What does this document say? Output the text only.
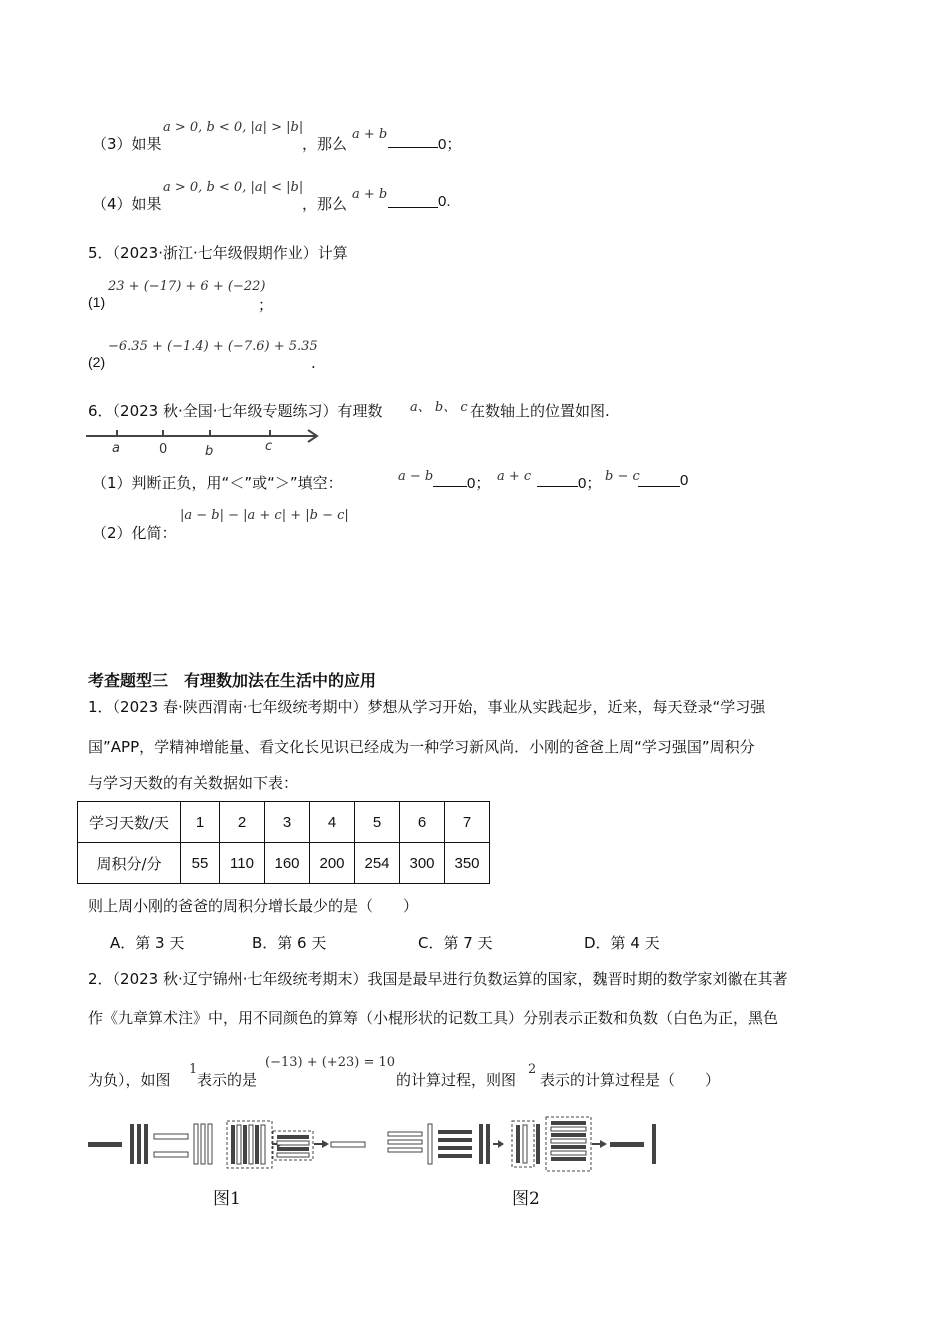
（3）如果
a > 0, b < 0, |a| > |b|
，那么
a + b
0；
（4）如果
a > 0, b < 0, |a| < |b|
，那么
a + b	0.
5．（2023·浙江·七年级假期作业）计算
(1)
23 + (−17) + 6 + (−22)
；
(2)
−6.35 + (−1.4) + (−7.6) + 5.35
.
6．（2023 秋·全国·七年级专题练习）有理数 a、 b、 c 在数轴上的位置如图.
a	0	b	c
（1）判断正负，用“＜”或“＞”填空：	a − b 0； a + c	0； b − c	0
（2）化简：
|a − b| − |a + c| + |b − c|
考查题型三　有理数加法在生活中的应用
1．（2023 春·陕西渭南·七年级统考期中）梦想从学习开始，事业从实践起步，近来，每天登录“学习强
国”APP，学精神增能量、看文化长见识已经成为一种学习新风尚．小刚的爸爸上周“学习强国”周积分
与学习天数的有关数据如下表：
学习天数/天	1	2	3	4	5	6	7
周积分/分	55	110	160	200	254	300	350
则上周小刚的爸爸的周积分增长最少的是（　　）
A．第 3 天	B．第 6 天	C．第 7 天	D．第 4 天
2．（2023 秋·辽宁锦州·七年级统考期末）我国是最早进行负数运算的国家，魏晋时期的数学家刘徽在其著
作《九章算术注》中，用不同颜色的算筹（小棍形状的记数工具）分别表示正数和负数（白色为正，黑色
为负），如图
1
表示的是
(−13) + (+23) = 10
的计算过程，则图
2
表示的计算过程是（　　）
图1	图2
